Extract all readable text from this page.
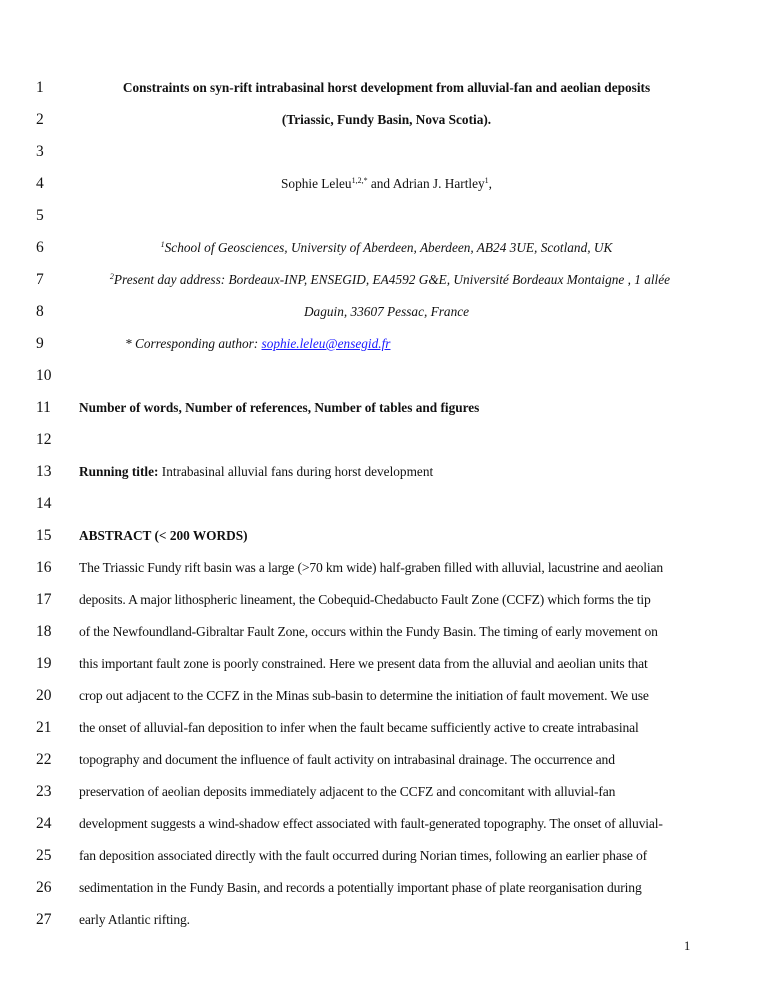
1	Constraints on syn-rift intrabasinal horst development from alluvial-fan and aeolian deposits
2	(Triassic, Fundy Basin, Nova Scotia).
3
4	Sophie Leleu$^{1,2,*}$ and Adrian J. Hartley$^1$,
5
6	$^1$School of Geosciences, University of Aberdeen, Aberdeen, AB24 3UE, Scotland, UK
7	$^2$Present day address: Bordeaux-INP, ENSEGID, EA4592 G&E, Université Bordeaux Montaigne , 1 allée
8	Daguin, 33607 Pessac, France
9	* Corresponding author: sophie.leleu@ensegid.fr
10
11	Number of words, Number of references, Number of tables and figures
12
13	Running title: Intrabasinal alluvial fans during horst development
14
15	ABSTRACT (< 200 WORDS)
16	The Triassic Fundy rift basin was a large (>70 km wide) half-graben filled with alluvial, lacustrine and aeolian
17	deposits. A major lithospheric lineament, the Cobequid-Chedabucto Fault Zone (CCFZ) which forms the tip
18	of the Newfoundland-Gibraltar Fault Zone, occurs within the Fundy Basin. The timing of early movement on
19	this important fault zone is poorly constrained. Here we present data from the alluvial and aeolian units that
20	crop out adjacent to the CCFZ in the Minas sub-basin to determine the initiation of fault movement. We use
21	the onset of alluvial-fan deposition to infer when the fault became sufficiently active to create intrabasinal
22	topography and document the influence of fault activity on intrabasinal drainage. The occurrence and
23	preservation of aeolian deposits immediately adjacent to the CCFZ and concomitant with alluvial-fan
24	development suggests a wind-shadow effect associated with fault-generated topography. The onset of alluvial-
25	fan deposition associated directly with the fault occurred during Norian times, following an earlier phase of
26	sedimentation in the Fundy Basin, and records a potentially important phase of plate reorganisation during
27	early Atlantic rifting.
1
